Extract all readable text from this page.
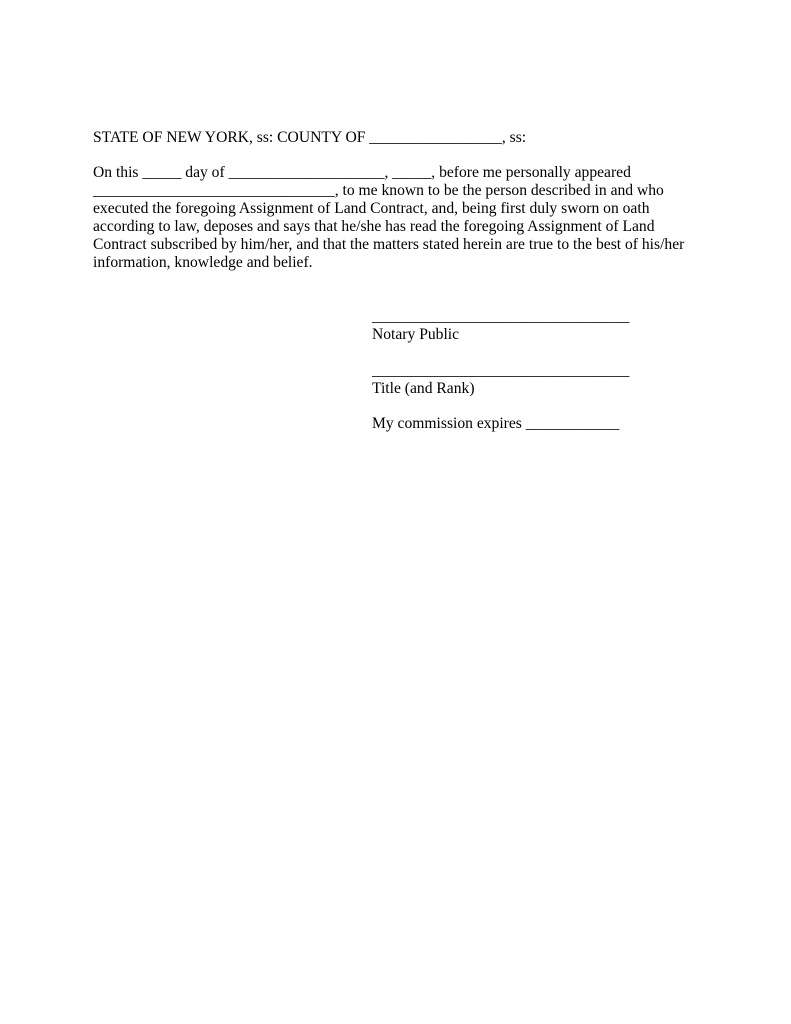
STATE OF NEW YORK, ss: COUNTY OF _________________, ss:
On this _____ day of ____________________, _____, before me personally appeared
_______________________________, to me known to be the person described in and who
executed the foregoing Assignment of Land Contract, and, being first duly sworn on oath
according to law, deposes and says that he/she has read the foregoing Assignment of Land
Contract subscribed by him/her, and that the matters stated herein are true to the best of his/her
information, knowledge and belief.
_________________________________
Notary Public
_________________________________
Title (and Rank)
My commission expires ____________
